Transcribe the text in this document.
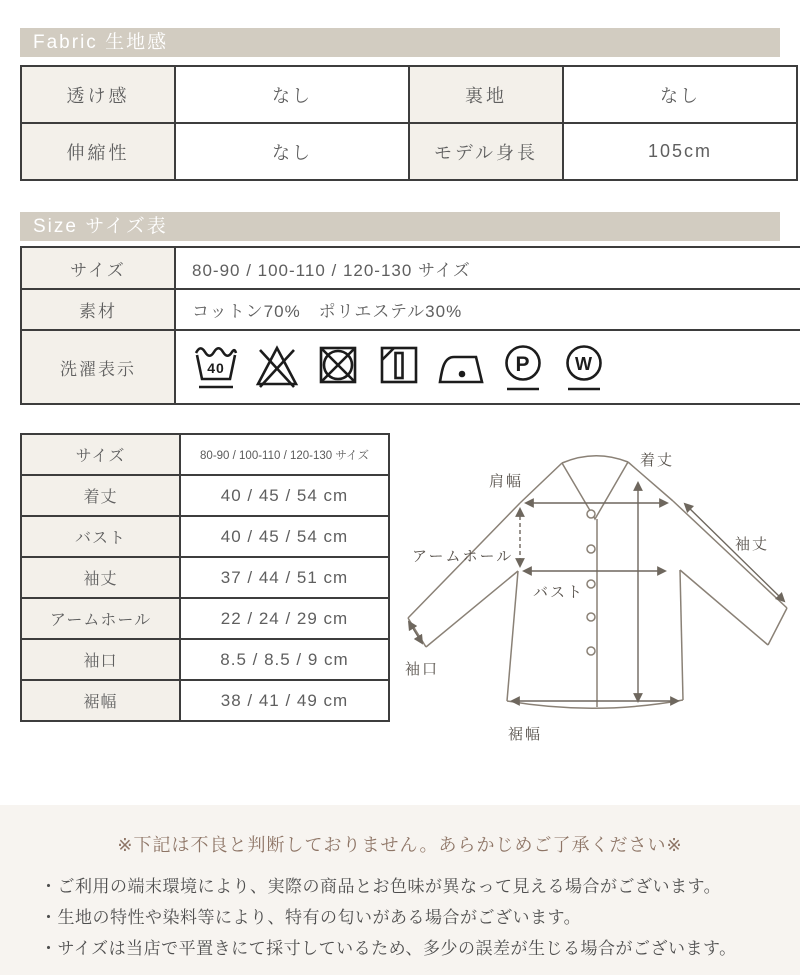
Fabric 生地感
透け感	なし	裏地	なし
伸縮性	なし	モデル身長	105cm
Size サイズ表
サイズ	80-90 / 100-110 / 120-130 サイズ
素材	コットン70%　ポリエステル30%
洗濯表示	40 P W
サイズ	80-90 / 100-110 / 120-130 サイズ
着丈	40 / 45 / 54 cm
バスト	40 / 45 / 54 cm
袖丈	37 / 44 / 51 cm
アームホール	22 / 24 / 29 cm
袖口	8.5 / 8.5 / 9 cm
裾幅	38 / 41 / 49 cm
肩幅
着丈
袖丈
アームホール
バスト
袖口
裾幅
※下記は不良と判断しておりません。あらかじめご了承ください※
・ご利用の端末環境により、実際の商品とお色味が異なって見える場合がございます。
・生地の特性や染料等により、特有の匂いがある場合がございます。
・サイズは当店で平置きにて採寸しているため、多少の誤差が生じる場合がございます。
